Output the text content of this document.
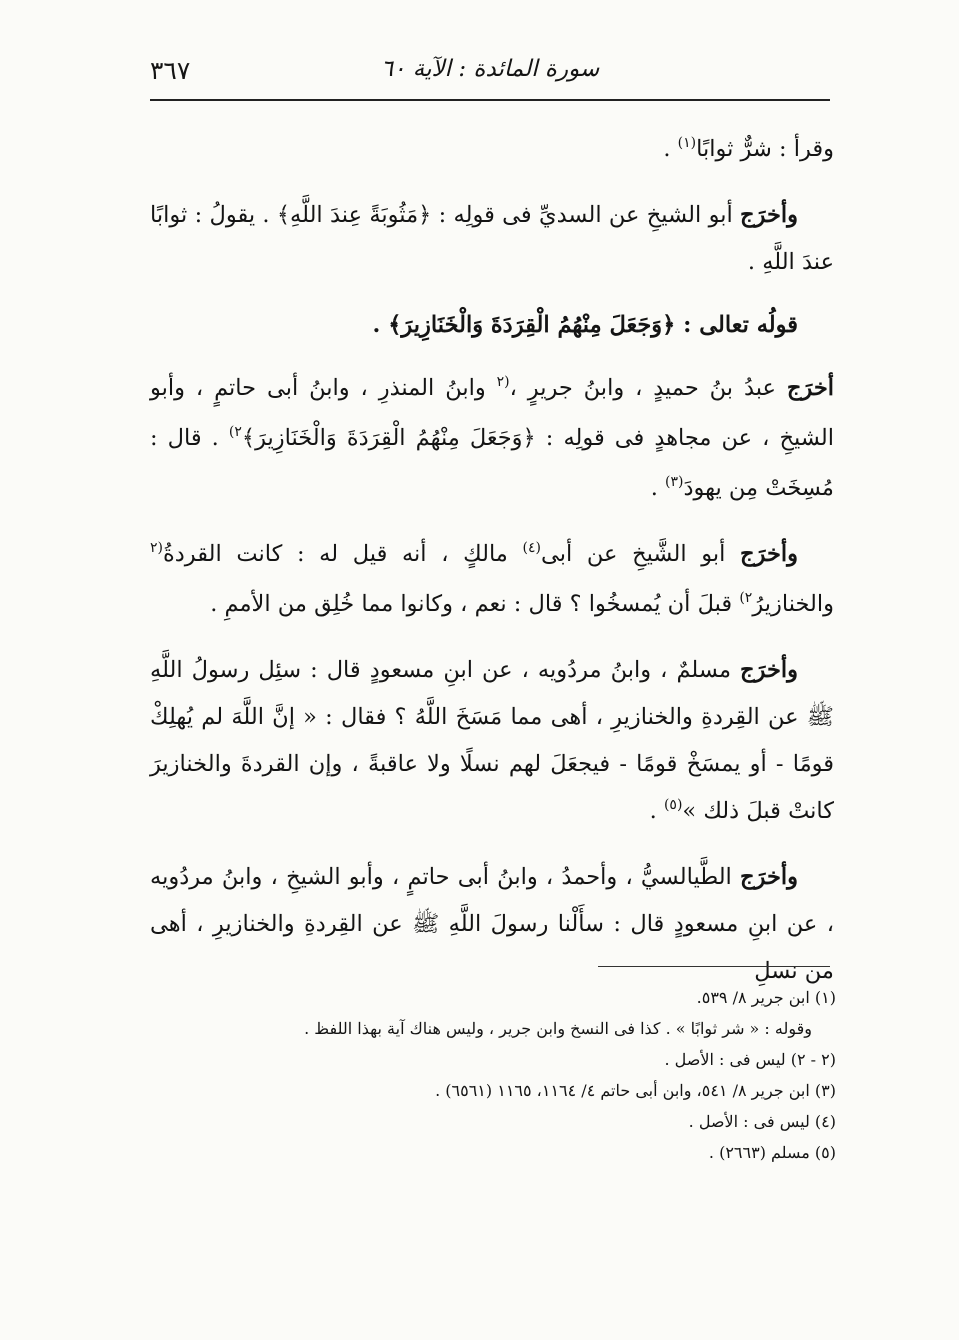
٣٦٧	سورة المائدة : الآية ٦٠

وقرأ : شرٌّ ثوابًا$^{(١)}$ .

وأخرَج أبو الشيخِ عن السديِّ فى قولِه : ﴿مَثُوبَةً عِندَ اللَّهِ﴾ . يقولُ : ثوابًا عندَ اللَّهِ .

قولُه تعالى : ﴿وَجَعَلَ مِنْهُمُ الْقِرَدَةَ وَالْخَنَازِيرَ﴾ .

أخرَج عبدُ بنُ حميدٍ ، وابنُ جريرٍ ،$^{(٢}$ وابنُ المنذرِ ، وابنُ أبى حاتمٍ ، وأبو الشيخِ ، عن مجاهدٍ فى قولِه : ﴿وَجَعَلَ مِنْهُمُ الْقِرَدَةَ وَالْخَنَازِيرَ﴾$^{٢)}$ . قال : مُسِخَتْ مِن يهودَ$^{(٣)}$ .

وأخرَج أبو الشَّيخِ عن أبى$^{(٤)}$ مالكٍ ، أنه قيل له : كانت القردةُ$^{(٢}$ والخنازيرُ$^{٢)}$ قبلَ أن يُمسخُوا ؟ قال : نعم ، وكانوا مما خُلِق من الأممِ .

وأخرَج مسلمٌ ، وابنُ مردُويه ، عن ابنِ مسعودٍ قال : سئِل رسولُ اللَّهِ ﷺ عن القِردةِ والخنازيرِ ، أهى مما مَسَخَ اللَّهُ ؟ فقال : « إنَّ اللَّهَ لم يُهلِكْ قومًا - أو يمسَخْ قومًا - فيجعَلَ لهم نسلًا ولا عاقبةً ، وإن القردةَ والخنازيرَ كانتْ قبلَ ذلك »$^{(٥)}$ .

وأخرَج الطَّيالسيُّ ، وأحمدُ ، وابنُ أبى حاتمٍ ، وأبو الشيخِ ، وابنُ مردُويه ، عن ابنِ مسعودٍ قال : سأَلْنا رسولَ اللَّهِ ﷺ عن القِردةِ والخنازيرِ ، أهى من نسلِ

(١) ابن جرير ٨/ ٥٣٩.

وقوله : « شر ثوابًا » . كذا فى النسخ وابن جرير ، وليس هناك آية بهذا اللفظ .

(٢ - ٢) ليس فى : الأصل .

(٣) ابن جرير ٨/ ٥٤١، وابن أبى حاتم ٤/ ١١٦٤، ١١٦٥ (٦٥٦١) .

(٤) ليس فى : الأصل .

(٥) مسلم (٢٦٦٣) .
